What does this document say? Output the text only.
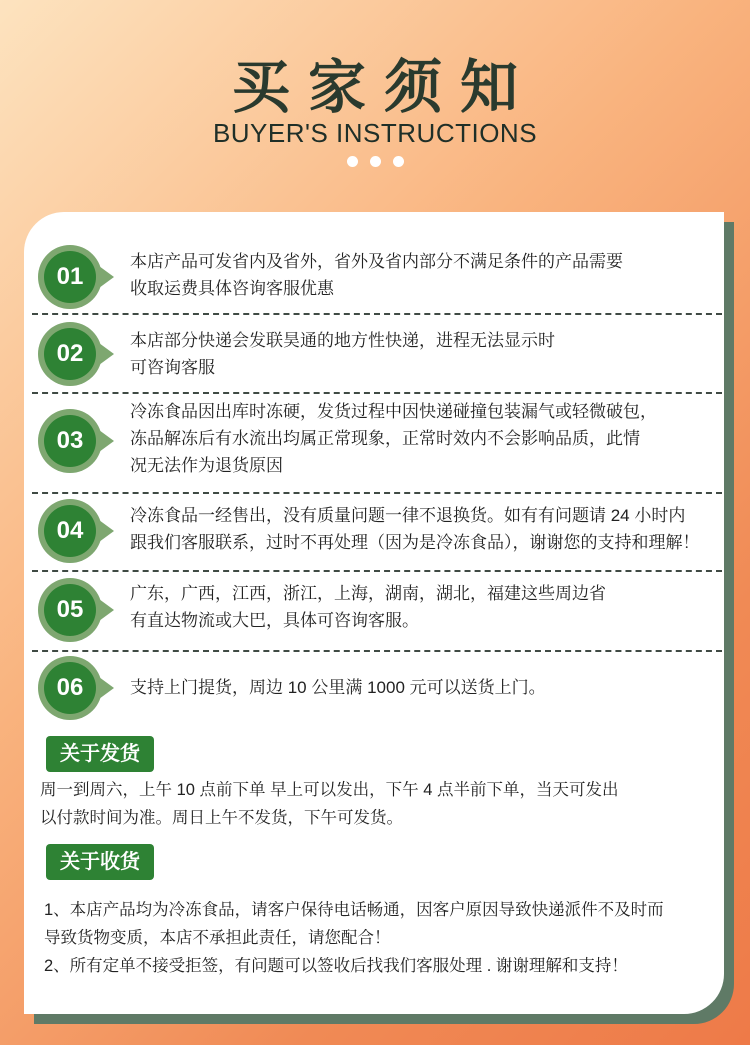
买家须知
BUYER'S INSTRUCTIONS
01
本店产品可发省内及省外，省外及省内部分不满足条件的产品需要
收取运费具体咨询客服优惠
02	本店部分快递会发联昊通的地方性快递，进程无法显示时
可咨询客服
03
冷冻食品因出库时冻硬，发货过程中因快递碰撞包装漏气或轻微破包，
冻品解冻后有水流出均属正常现象，正常时效内不会影响品质，此情
况无法作为退货原因
04
冷冻食品一经售出，没有质量问题一律不退换货。如有有问题请 24 小时内
跟我们客服联系，过时不再处理（因为是冷冻食品），谢谢您的支持和理解！
05
广东，广西，江西，浙江，上海，湖南，湖北，福建这些周边省
有直达物流或大巴，具体可咨询客服。
06	支持上门提货，周边 10 公里满 1000 元可以送货上门。
关于发货
周一到周六，上午 10 点前下单 早上可以发出，下午 4 点半前下单，当天可发出
以付款时间为准。周日上午不发货，下午可发货。
关于收货
1、本店产品均为冷冻食品，请客户保待电话畅通，因客户原因导致快递派件不及时而
导致货物变质，本店不承担此责任，请您配合！
2、所有定单不接受拒签，有问题可以签收后找我们客服处理 . 谢谢理解和支持！
